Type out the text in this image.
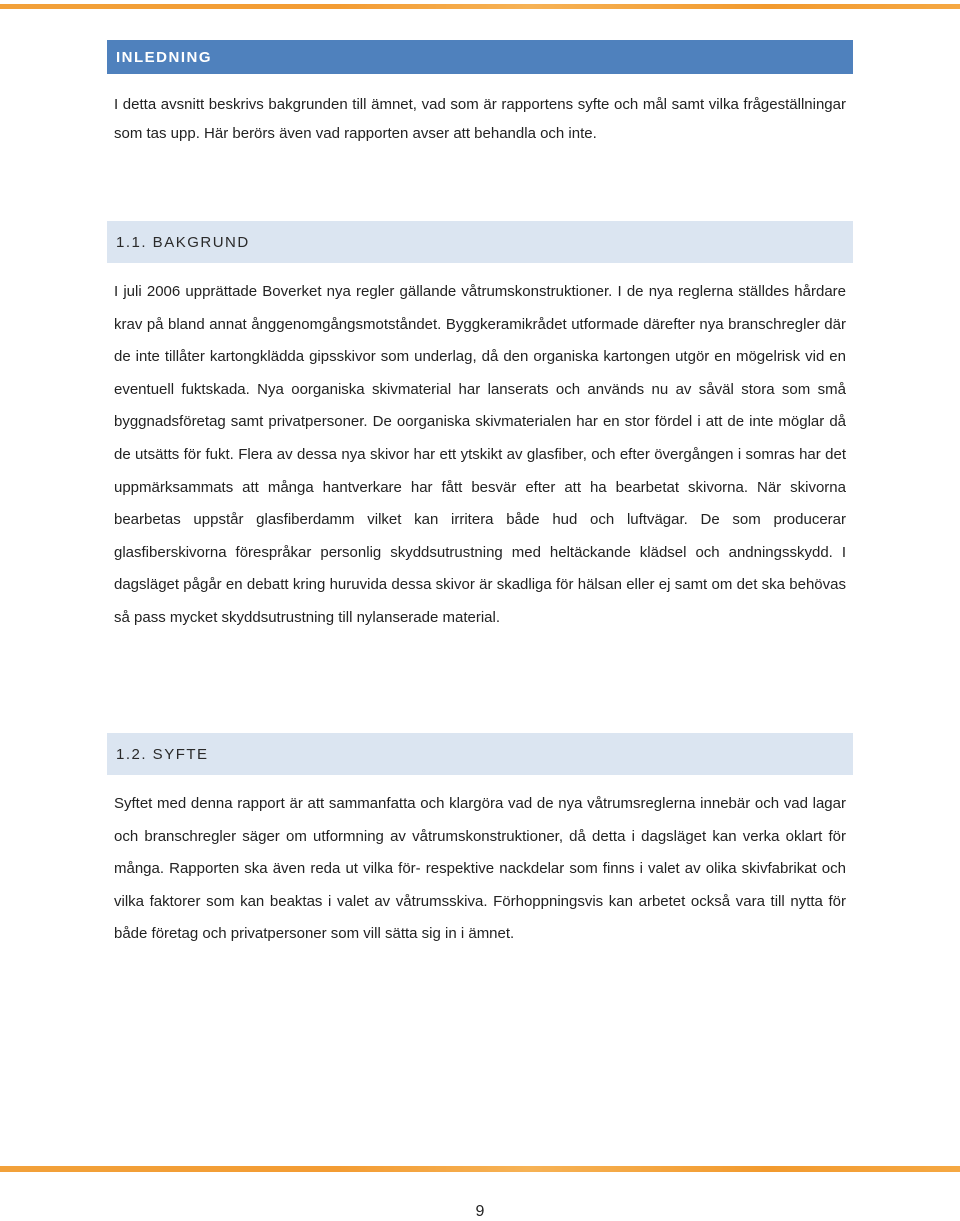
INLEDNING

I detta avsnitt beskrivs bakgrunden till ämnet, vad som är rapportens syfte och mål samt vilka frågeställningar som tas upp. Här berörs även vad rapporten avser att behandla och inte.

1.1. BAKGRUND

I juli 2006 upprättade Boverket nya regler gällande våtrumskonstruktioner. I de nya reglerna ställdes hårdare krav på bland annat ånggenomgångsmotståndet. Byggkeramikrådet utformade därefter nya branschregler där de inte tillåter kartongklädda gipsskivor som underlag, då den organiska kartongen utgör en mögelrisk vid en eventuell fuktskada. Nya oorganiska skivmaterial har lanserats och används nu av såväl stora som små byggnadsföretag samt privatpersoner. De oorganiska skivmaterialen har en stor fördel i att de inte möglar då de utsätts för fukt. Flera av dessa nya skivor har ett ytskikt av glasfiber, och efter övergången i somras har det uppmärksammats att många hantverkare har fått besvär efter att ha bearbetat skivorna. När skivorna bearbetas uppstår glasfiberdamm vilket kan irritera både hud och luftvägar. De som producerar glasfiberskivorna förespråkar personlig skyddsutrustning med heltäckande klädsel och andningsskydd. I dagsläget pågår en debatt kring huruvida dessa skivor är skadliga för hälsan eller ej samt om det ska behövas så pass mycket skyddsutrustning till nylanserade material.

1.2. SYFTE

Syftet med denna rapport är att sammanfatta och klargöra vad de nya våtrumsreglerna innebär och vad lagar och branschregler säger om utformning av våtrumskonstruktioner, då detta i dagsläget kan verka oklart för många. Rapporten ska även reda ut vilka för- respektive nackdelar som finns i valet av olika skivfabrikat och vilka faktorer som kan beaktas i valet av våtrumsskiva. Förhoppningsvis kan arbetet också vara till nytta för både företag och privatpersoner som vill sätta sig in i ämnet.

9
